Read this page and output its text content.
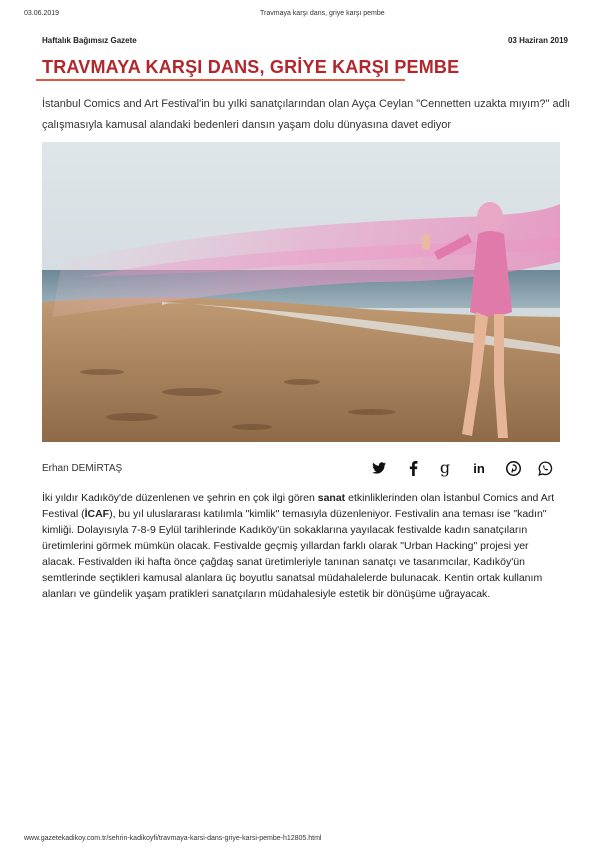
03.06.2019	Travmaya karşı dans, griye karşı pembe
Haftalık Bağımsız Gazete	03 Haziran 2019
TRAVMAYA KARŞI DANS, GRİYE KARŞI PEMBE
İstanbul Comics and Art Festival'in bu yılki sanatçılarından olan Ayça Ceylan "Cennetten uzakta mıyım?" adlı çalışmasıyla kamusal alandaki bedenleri dansın yaşam dolu dünyasına davet ediyor
Erhan DEMİRTAŞ	g in
İki yıldır Kadıköy'de düzenlenen ve şehrin en çok ilgi gören sanat etkinliklerinden olan İstanbul Comics and Art Festival (İCAF), bu yıl uluslararası katılımla "kimlik" temasıyla düzenleniyor. Festivalin ana teması ise "kadın" kimliği. Dolayısıyla 7-8-9 Eylül tarihlerinde Kadıköy'ün sokaklarına yayılacak festivalde kadın sanatçıların üretimlerini görmek mümkün olacak. Festivalde geçmiş yıllardan farklı olarak "Urban Hacking" projesi yer alacak. Festivalden iki hafta önce çağdaş sanat üretimleriyle tanınan sanatçı ve tasarımcılar, Kadıköy'ün semtlerinde seçtikleri kamusal alanlara üç boyutlu sanatsal müdahalelerde bulunacak. Kentin ortak kullanım alanları ve gündelik yaşam pratikleri sanatçıların müdahalesiyle estetik bir dönüşüme uğrayacak.
www.gazetekadikoy.com.tr/sehrin-kadikoyfi/travmaya-karsi-dans-griye-karsi-pembe-h12805.html
